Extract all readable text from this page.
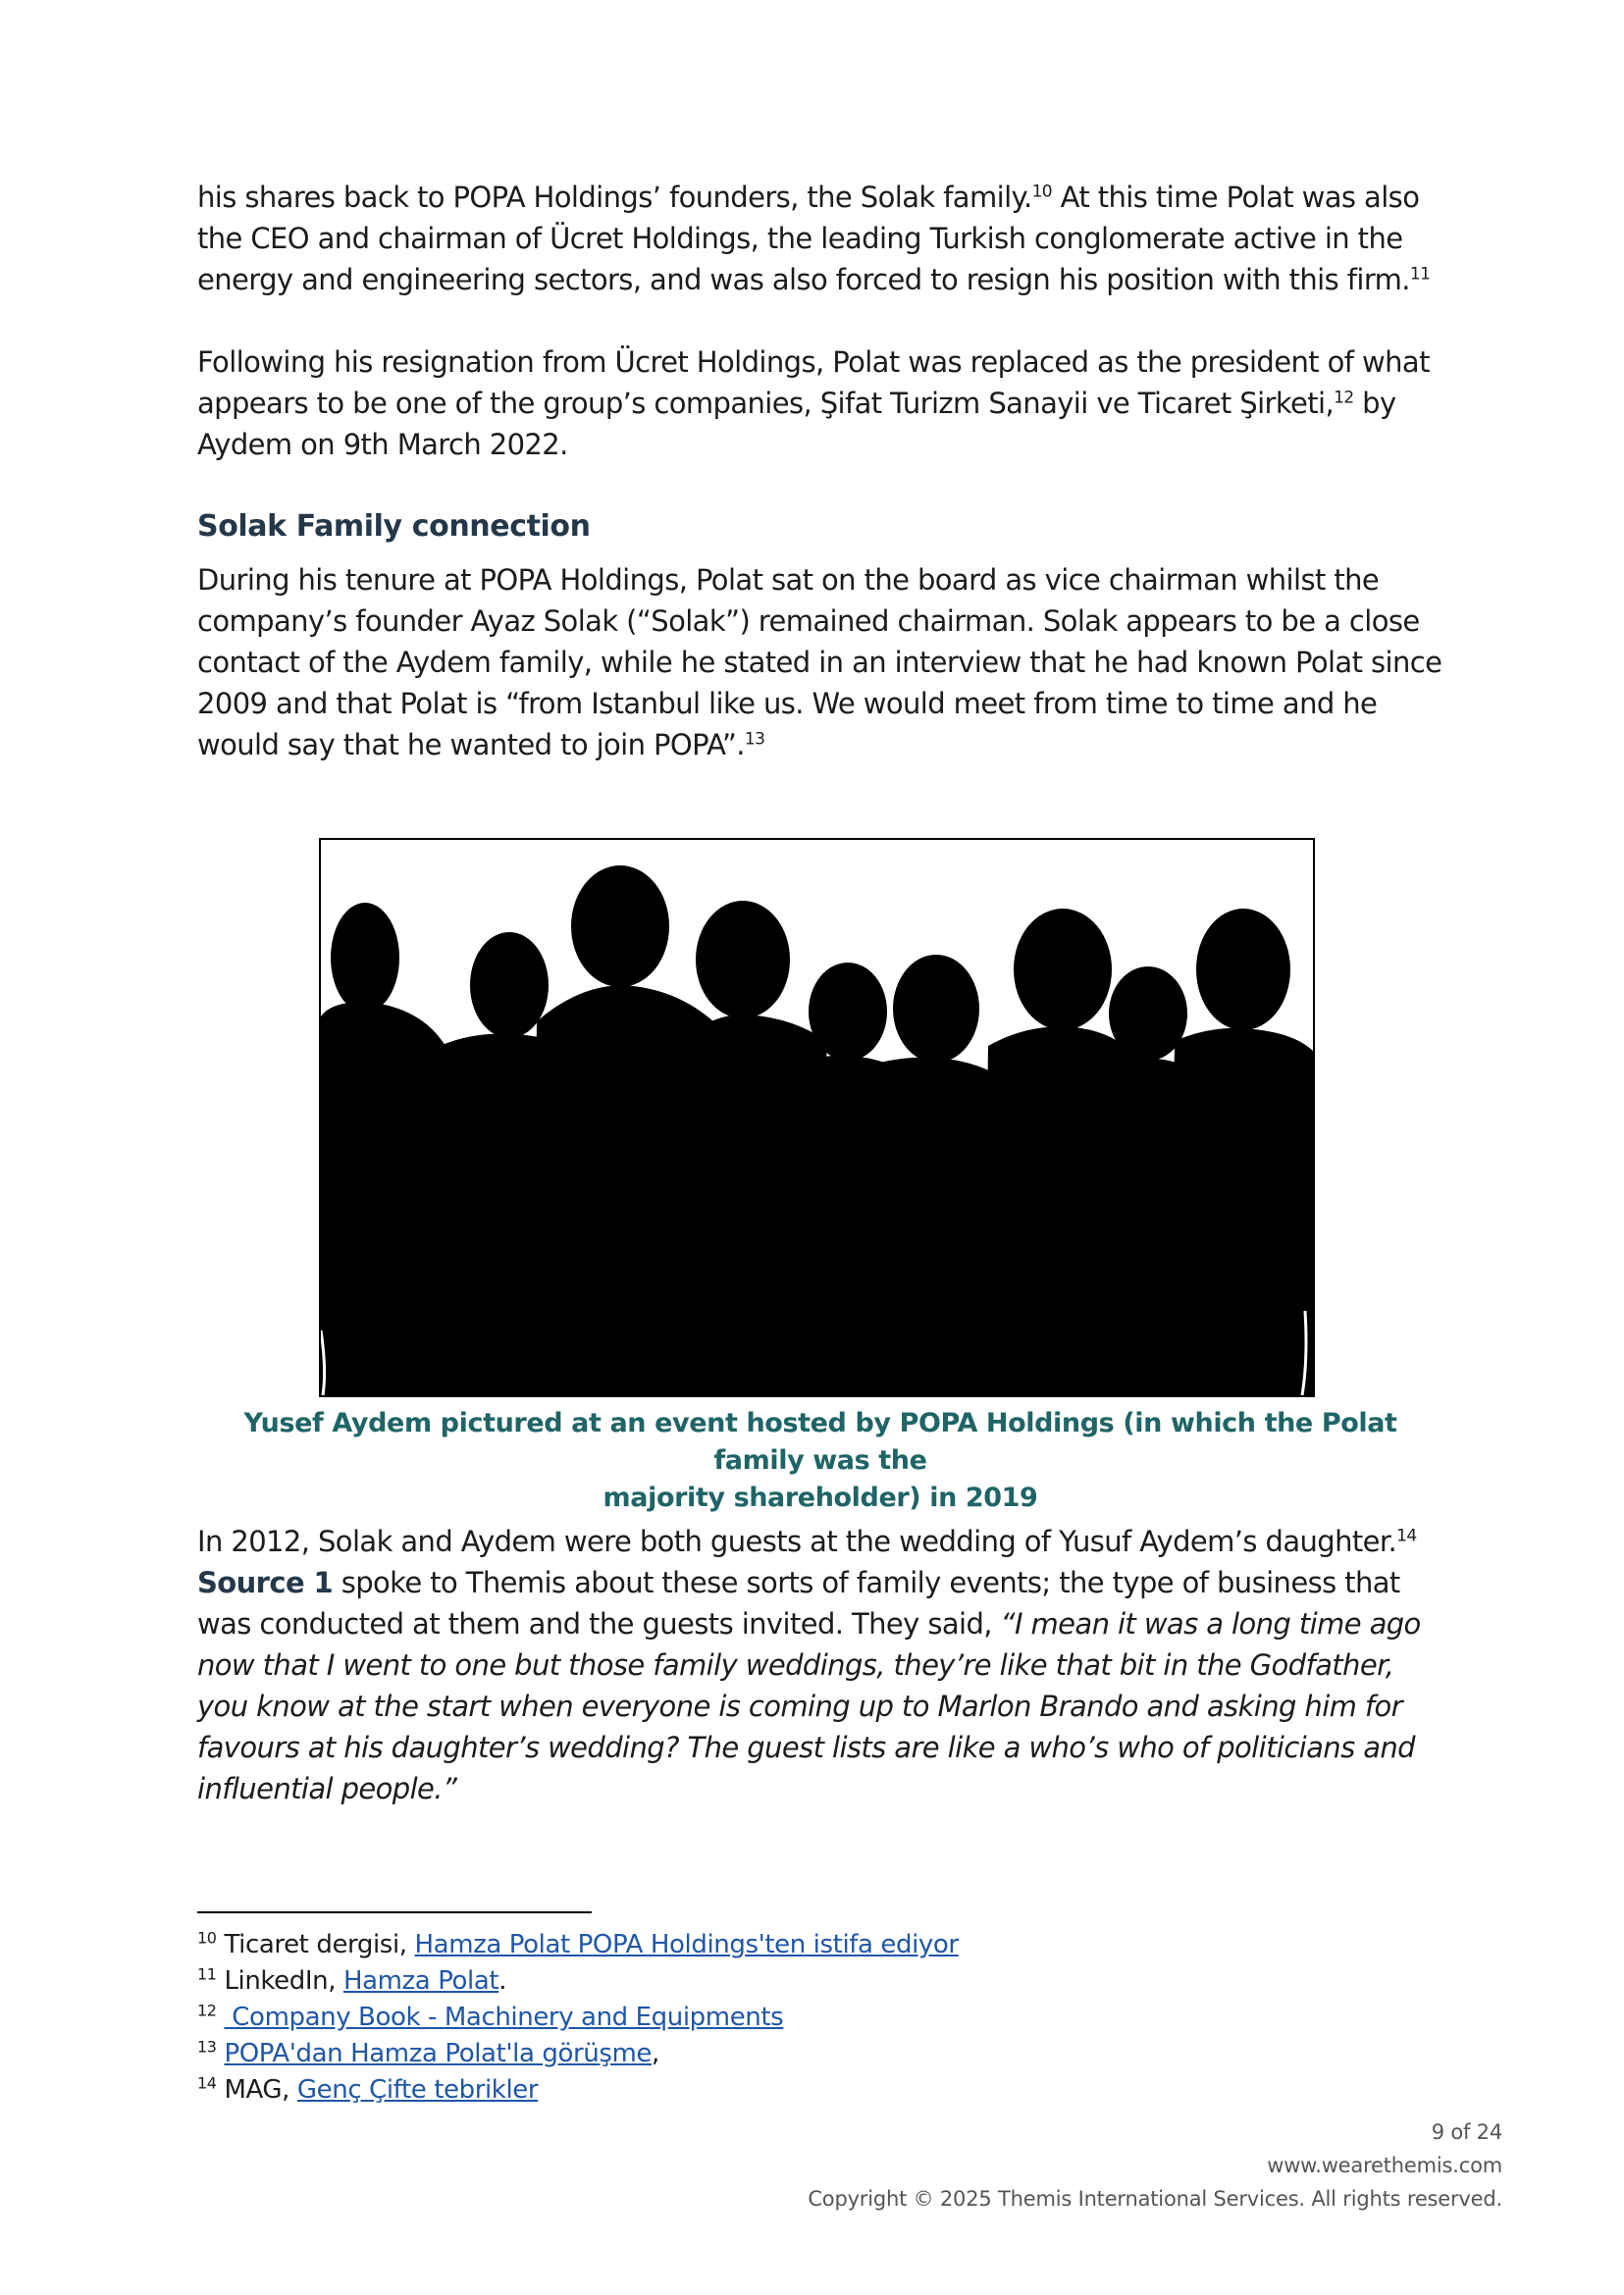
his shares back to POPA Holdings’ founders, the Solak family.$^{10}$ At this time Polat was also the CEO and chairman of Ücret Holdings, the leading Turkish conglomerate active in the energy and engineering sectors, and was also forced to resign his position with this firm.$^{11}$

Following his resignation from Ücret Holdings, Polat was replaced as the president of what appears to be one of the group’s companies, Şifat Turizm Sanayii ve Ticaret Şirketi,$^{12}$ by Aydem on 9th March 2022.

Solak Family connection

During his tenure at POPA Holdings, Polat sat on the board as vice chairman whilst the company’s founder Ayaz Solak (“Solak”) remained chairman. Solak appears to be a close contact of the Aydem family, while he stated in an interview that he had known Polat since 2009 and that Polat is “from Istanbul like us. We would meet from time to time and he would say that he wanted to join POPA”.$^{13}$

Yusef Aydem pictured at an event hosted by POPA Holdings (in which the Polat family was the
majority shareholder) in 2019

In 2012, Solak and Aydem were both guests at the wedding of Yusuf Aydem’s daughter.$^{14}$ Source 1 spoke to Themis about these sorts of family events; the type of business that was conducted at them and the guests invited. They said, “I mean it was a long time ago now that I went to one but those family weddings, they’re like that bit in the Godfather, you know at the start when everyone is coming up to Marlon Brando and asking him for favours at his daughter’s wedding? The guest lists are like a who’s who of politicians and influential people.”

$^{10}$ Ticaret dergisi, Hamza Polat POPA Holdings'ten istifa ediyor
$^{11}$ LinkedIn, Hamza Polat.
$^{12}$  Company Book - Machinery and Equipments
$^{13}$ POPA'dan Hamza Polat'la görüşme,
$^{14}$ MAG, Genç Çifte tebrikler
9 of 24
www.wearethemis.com
Copyright © 2025 Themis International Services. All rights reserved.
